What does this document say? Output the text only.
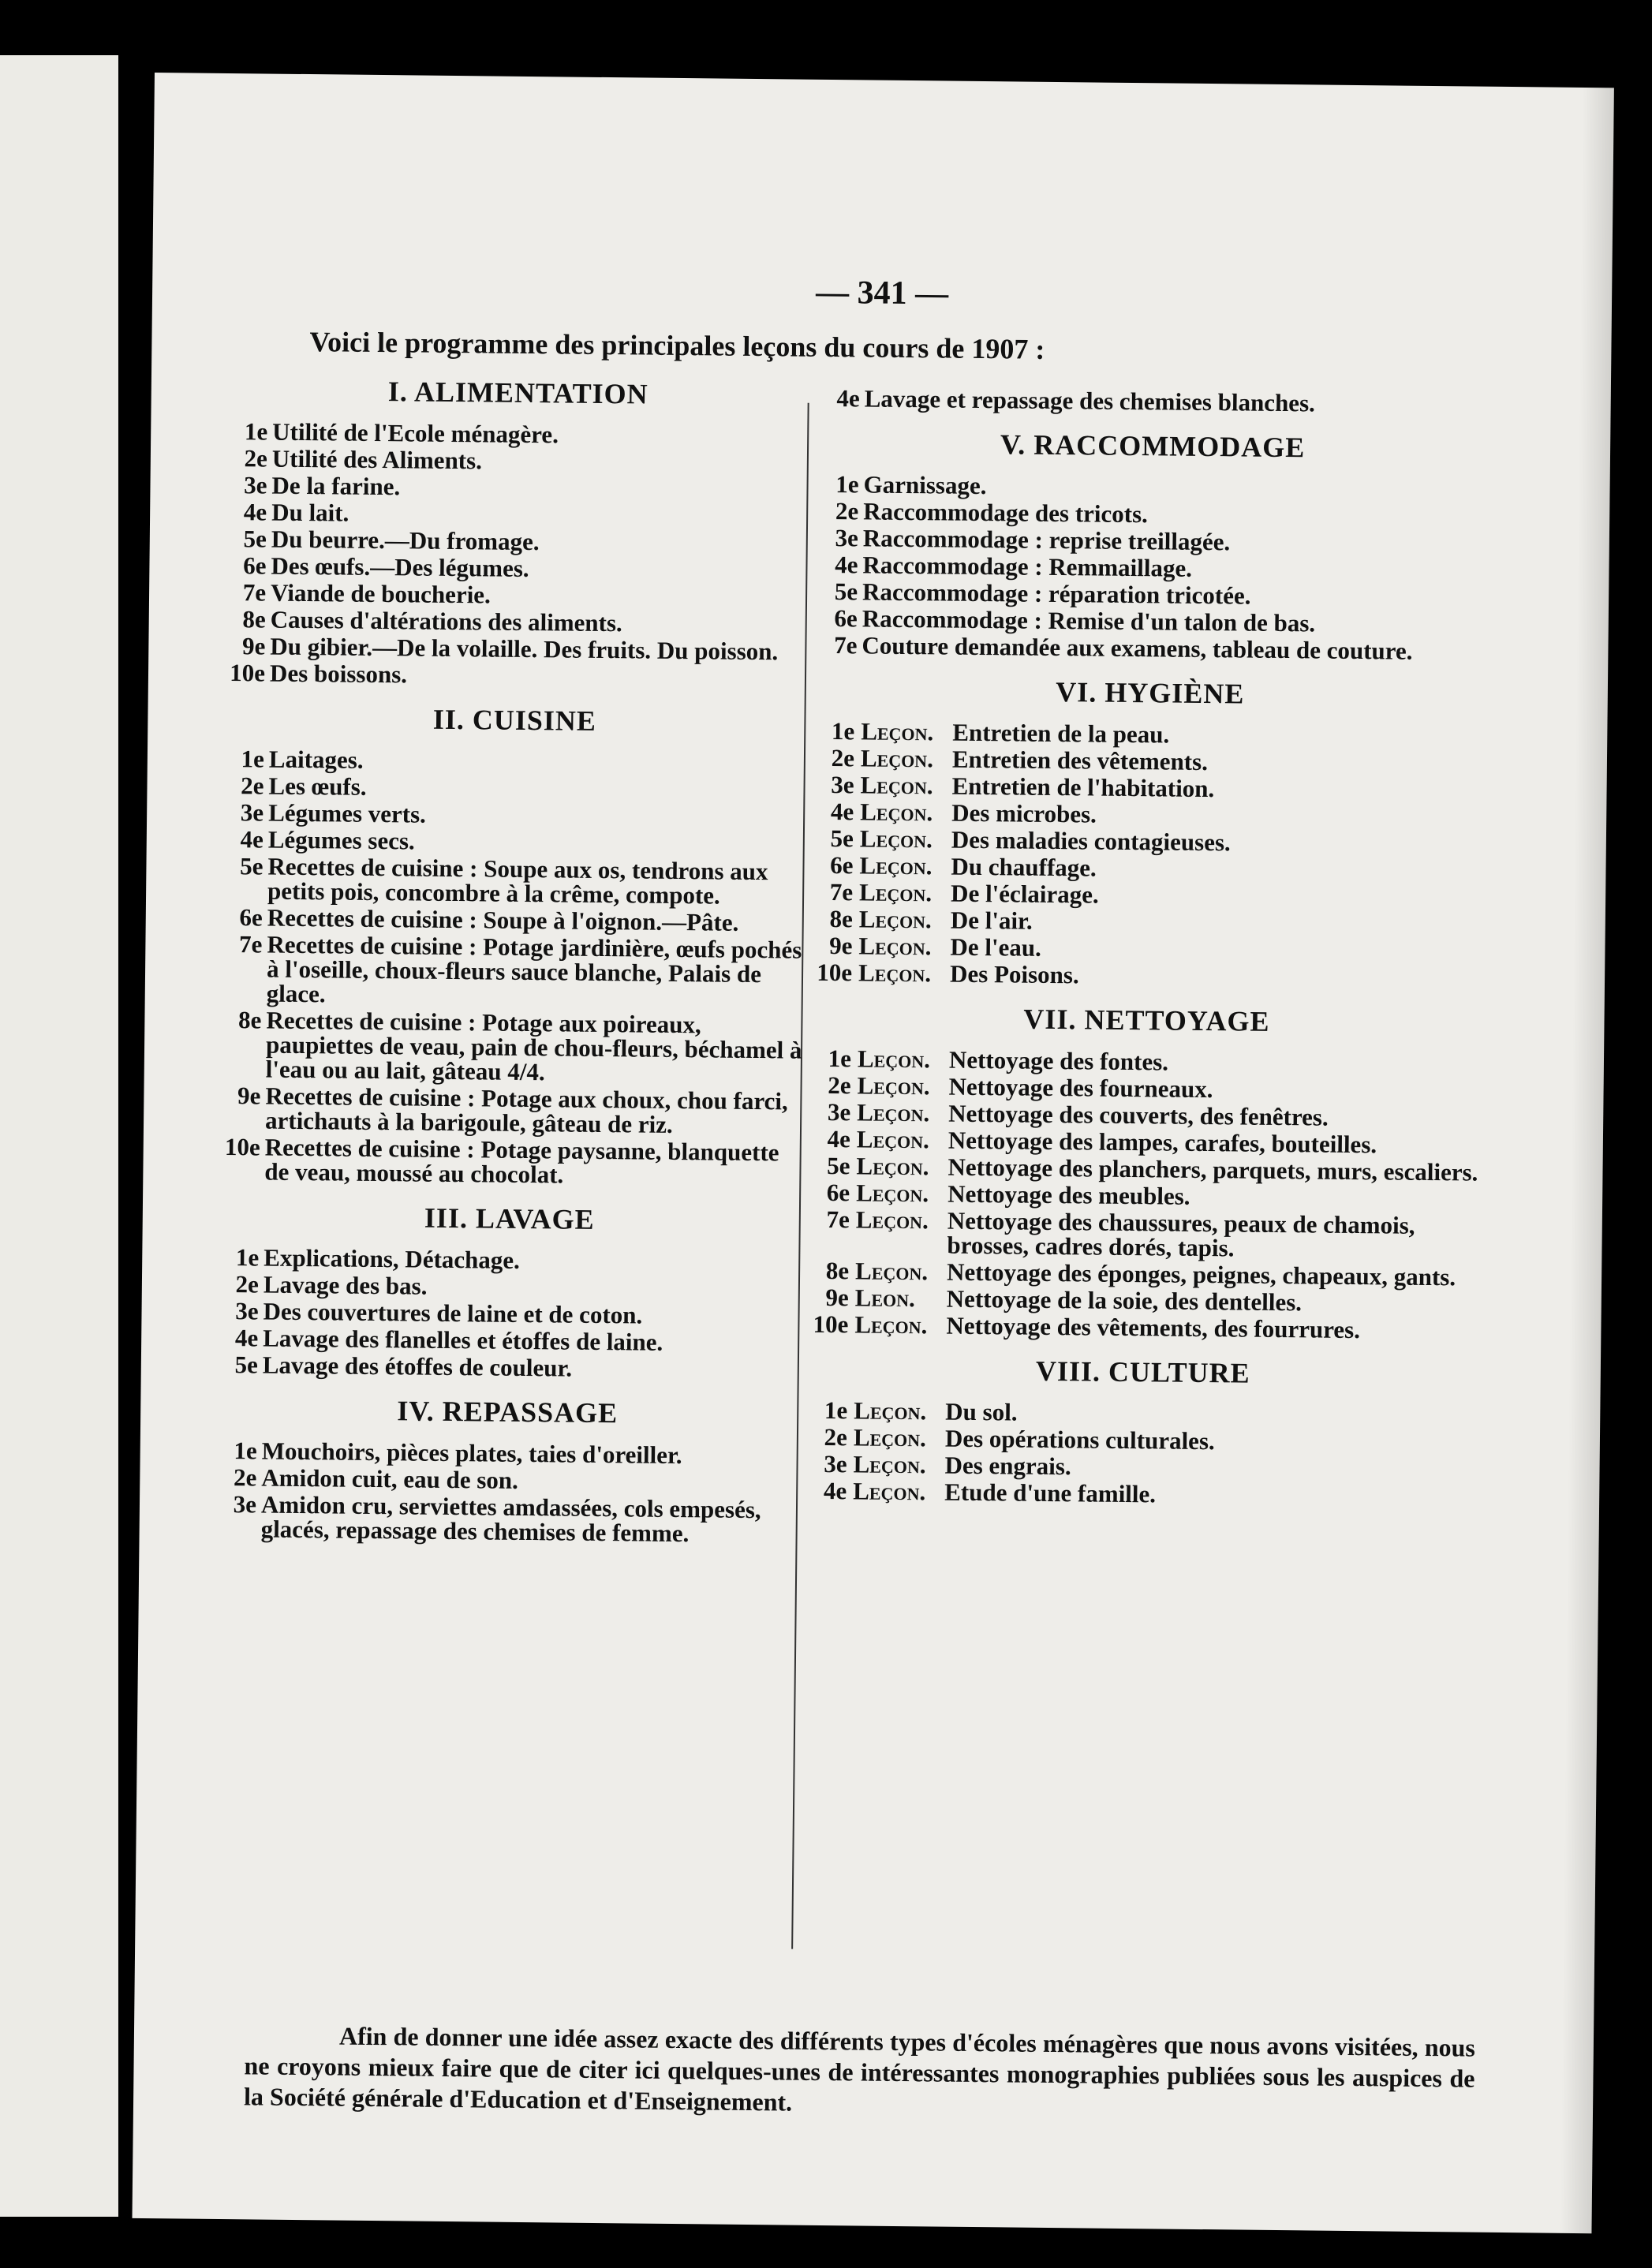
— 341 —
Voici le programme des principales leçons du cours de 1907 :
I. ALIMENTATION
1e Utilité de l'Ecole ménagère.
2e Utilité des Aliments.
3e De la farine.
4e Du lait.
5e Du beurre.—Du fromage.
6e Des œufs.—Des légumes.
7e Viande de boucherie.
8e Causes d'altérations des aliments.
9e Du gibier.—De la volaille. Des fruits. Du poisson.
10e Des boissons.
II. CUISINE
1e Laitages.
2e Les œufs.
3e Légumes verts.
4e Légumes secs.
5e Recettes de cuisine : Soupe aux os, tendrons aux petits pois, concombre à la crême, compote.
6e Recettes de cuisine : Soupe à l'oignon.—Pâte.
7e Recettes de cuisine : Potage jardinière, œufs pochés à l'oseille, choux-fleurs sauce blanche, Palais de glace.
8e Recettes de cuisine : Potage aux poireaux, paupiettes de veau, pain de chou-fleurs, béchamel à l'eau ou au lait, gâteau 4/4.
9e Recettes de cuisine : Potage aux choux, chou farci, artichauts à la barigoule, gâteau de riz.
10e Recettes de cuisine : Potage paysanne, blanquette de veau, moussé au chocolat.
III. LAVAGE
1e Explications, Détachage.
2e Lavage des bas.
3e Des couvertures de laine et de coton.
4e Lavage des flanelles et étoffes de laine.
5e Lavage des étoffes de couleur.
IV. REPASSAGE
1e Mouchoirs, pièces plates, taies d'oreiller.
2e Amidon cuit, eau de son.
3e Amidon cru, serviettes amdassées, cols empesés, glacés, repassage des chemises de femme.
4e Lavage et repassage des chemises blanches.
V. RACCOMMODAGE
1e Garnissage.
2e Raccommodage des tricots.
3e Raccommodage : reprise treillagée.
4e Raccommodage : Remmaillage.
5e Raccommodage : réparation tricotée.
6e Raccommodage : Remise d'un talon de bas.
7e Couture demandée aux examens, tableau de couture.
VI. HYGIÈNE
1e Leçon. Entretien de la peau.
2e Leçon. Entretien des vêtements.
3e Leçon. Entretien de l'habitation.
4e Leçon. Des microbes.
5e Leçon. Des maladies contagieuses.
6e Leçon. Du chauffage.
7e Leçon. De l'éclairage.
8e Leçon. De l'air.
9e Leçon. De l'eau.
10e Leçon. Des Poisons.
VII. NETTOYAGE
1e Leçon. Nettoyage des fontes.
2e Leçon. Nettoyage des fourneaux.
3e Leçon. Nettoyage des couverts, des fenêtres.
4e Leçon. Nettoyage des lampes, carafes, bouteilles.
5e Leçon. Nettoyage des planchers, parquets, murs, escaliers.
6e Leçon. Nettoyage des meubles.
7e Leçon. Nettoyage des chaussures, peaux de chamois, brosses, cadres dorés, tapis.
8e Leçon. Nettoyage des éponges, peignes, chapeaux, gants.
9e Leon. Nettoyage de la soie, des dentelles.
10e Leçon. Nettoyage des vêtements, des fourrures.
VIII. CULTURE
1e Leçon. Du sol.
2e Leçon. Des opérations culturales.
3e Leçon. Des engrais.
4e Leçon. Etude d'une famille.

Afin de donner une idée assez exacte des différents types d'écoles ménagères que nous avons visitées, nous ne croyons mieux faire que de citer ici quelques-unes de intéressantes monographies publiées sous les auspices de la Société générale d'Education et d'Enseignement.
